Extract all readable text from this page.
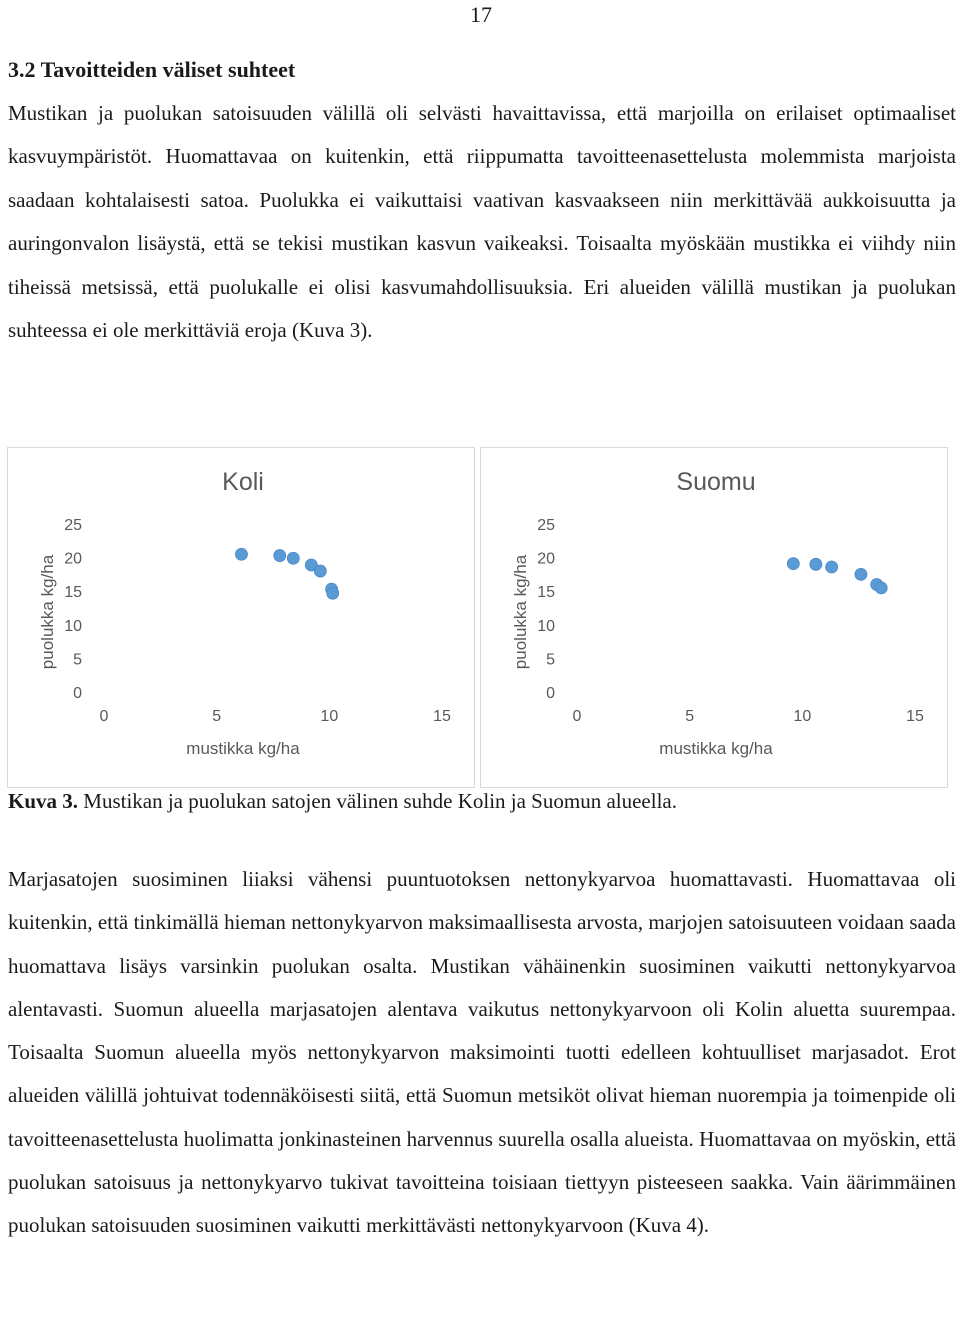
17
3.2 Tavoitteiden väliset suhteet

Mustikan ja puolukan satoisuuden välillä oli selvästi havaittavissa, että marjoilla on erilaiset optimaaliset kasvuympäristöt. Huomattavaa on kuitenkin, että riippumatta tavoitteenasettelusta molemmista marjoista saadaan kohtalaisesti satoa. Puolukka ei vaikuttaisi vaativan kasvaakseen niin merkittävää aukkoisuutta ja auringonvalon lisäystä, että se tekisi mustikan kasvun vaikeaksi. Toisaalta myöskään mustikka ei viihdy niin tiheissä metsissä, että puolukalle ei olisi kasvumahdollisuuksia. Eri alueiden välillä mustikan ja puolukan suhteessa ei ole merkittäviä eroja (Kuva 3).

Koli
0
5
10
15
20
25
0	5	10	15
mustikka kg/ha
puolukka kg/ha
Suomu
0
5
10
15
20
25
0	5	10	15
mustikka kg/ha
puolukka kg/ha

Kuva 3. Mustikan ja puolukan satojen välinen suhde Kolin ja Suomun alueella.

Marjasatojen suosiminen liiaksi vähensi puuntuotoksen nettonykyarvoa huomattavasti. Huomattavaa oli kuitenkin, että tinkimällä hieman nettonykyarvon maksimaallisesta arvosta, marjojen satoisuuteen voidaan saada huomattava lisäys varsinkin puolukan osalta. Mustikan vähäinenkin suosiminen vaikutti nettonykyarvoa alentavasti. Suomun alueella marjasatojen alentava vaikutus nettonykyarvoon oli Kolin aluetta suurempaa. Toisaalta Suomun alueella myös nettonykyarvon maksimointi tuotti edelleen kohtuulliset marjasadot. Erot alueiden välillä johtuivat todennäköisesti siitä, että Suomun metsiköt olivat hieman nuorempia ja toimenpide oli tavoitteenasettelusta huolimatta jonkinasteinen harvennus suurella osalla alueista. Huomattavaa on myöskin, että puolukan satoisuus ja nettonykyarvo tukivat tavoitteina toisiaan tiettyyn pisteeseen saakka. Vain äärimmäinen puolukan satoisuuden suosiminen vaikutti merkittävästi nettonykyarvoon (Kuva 4).
